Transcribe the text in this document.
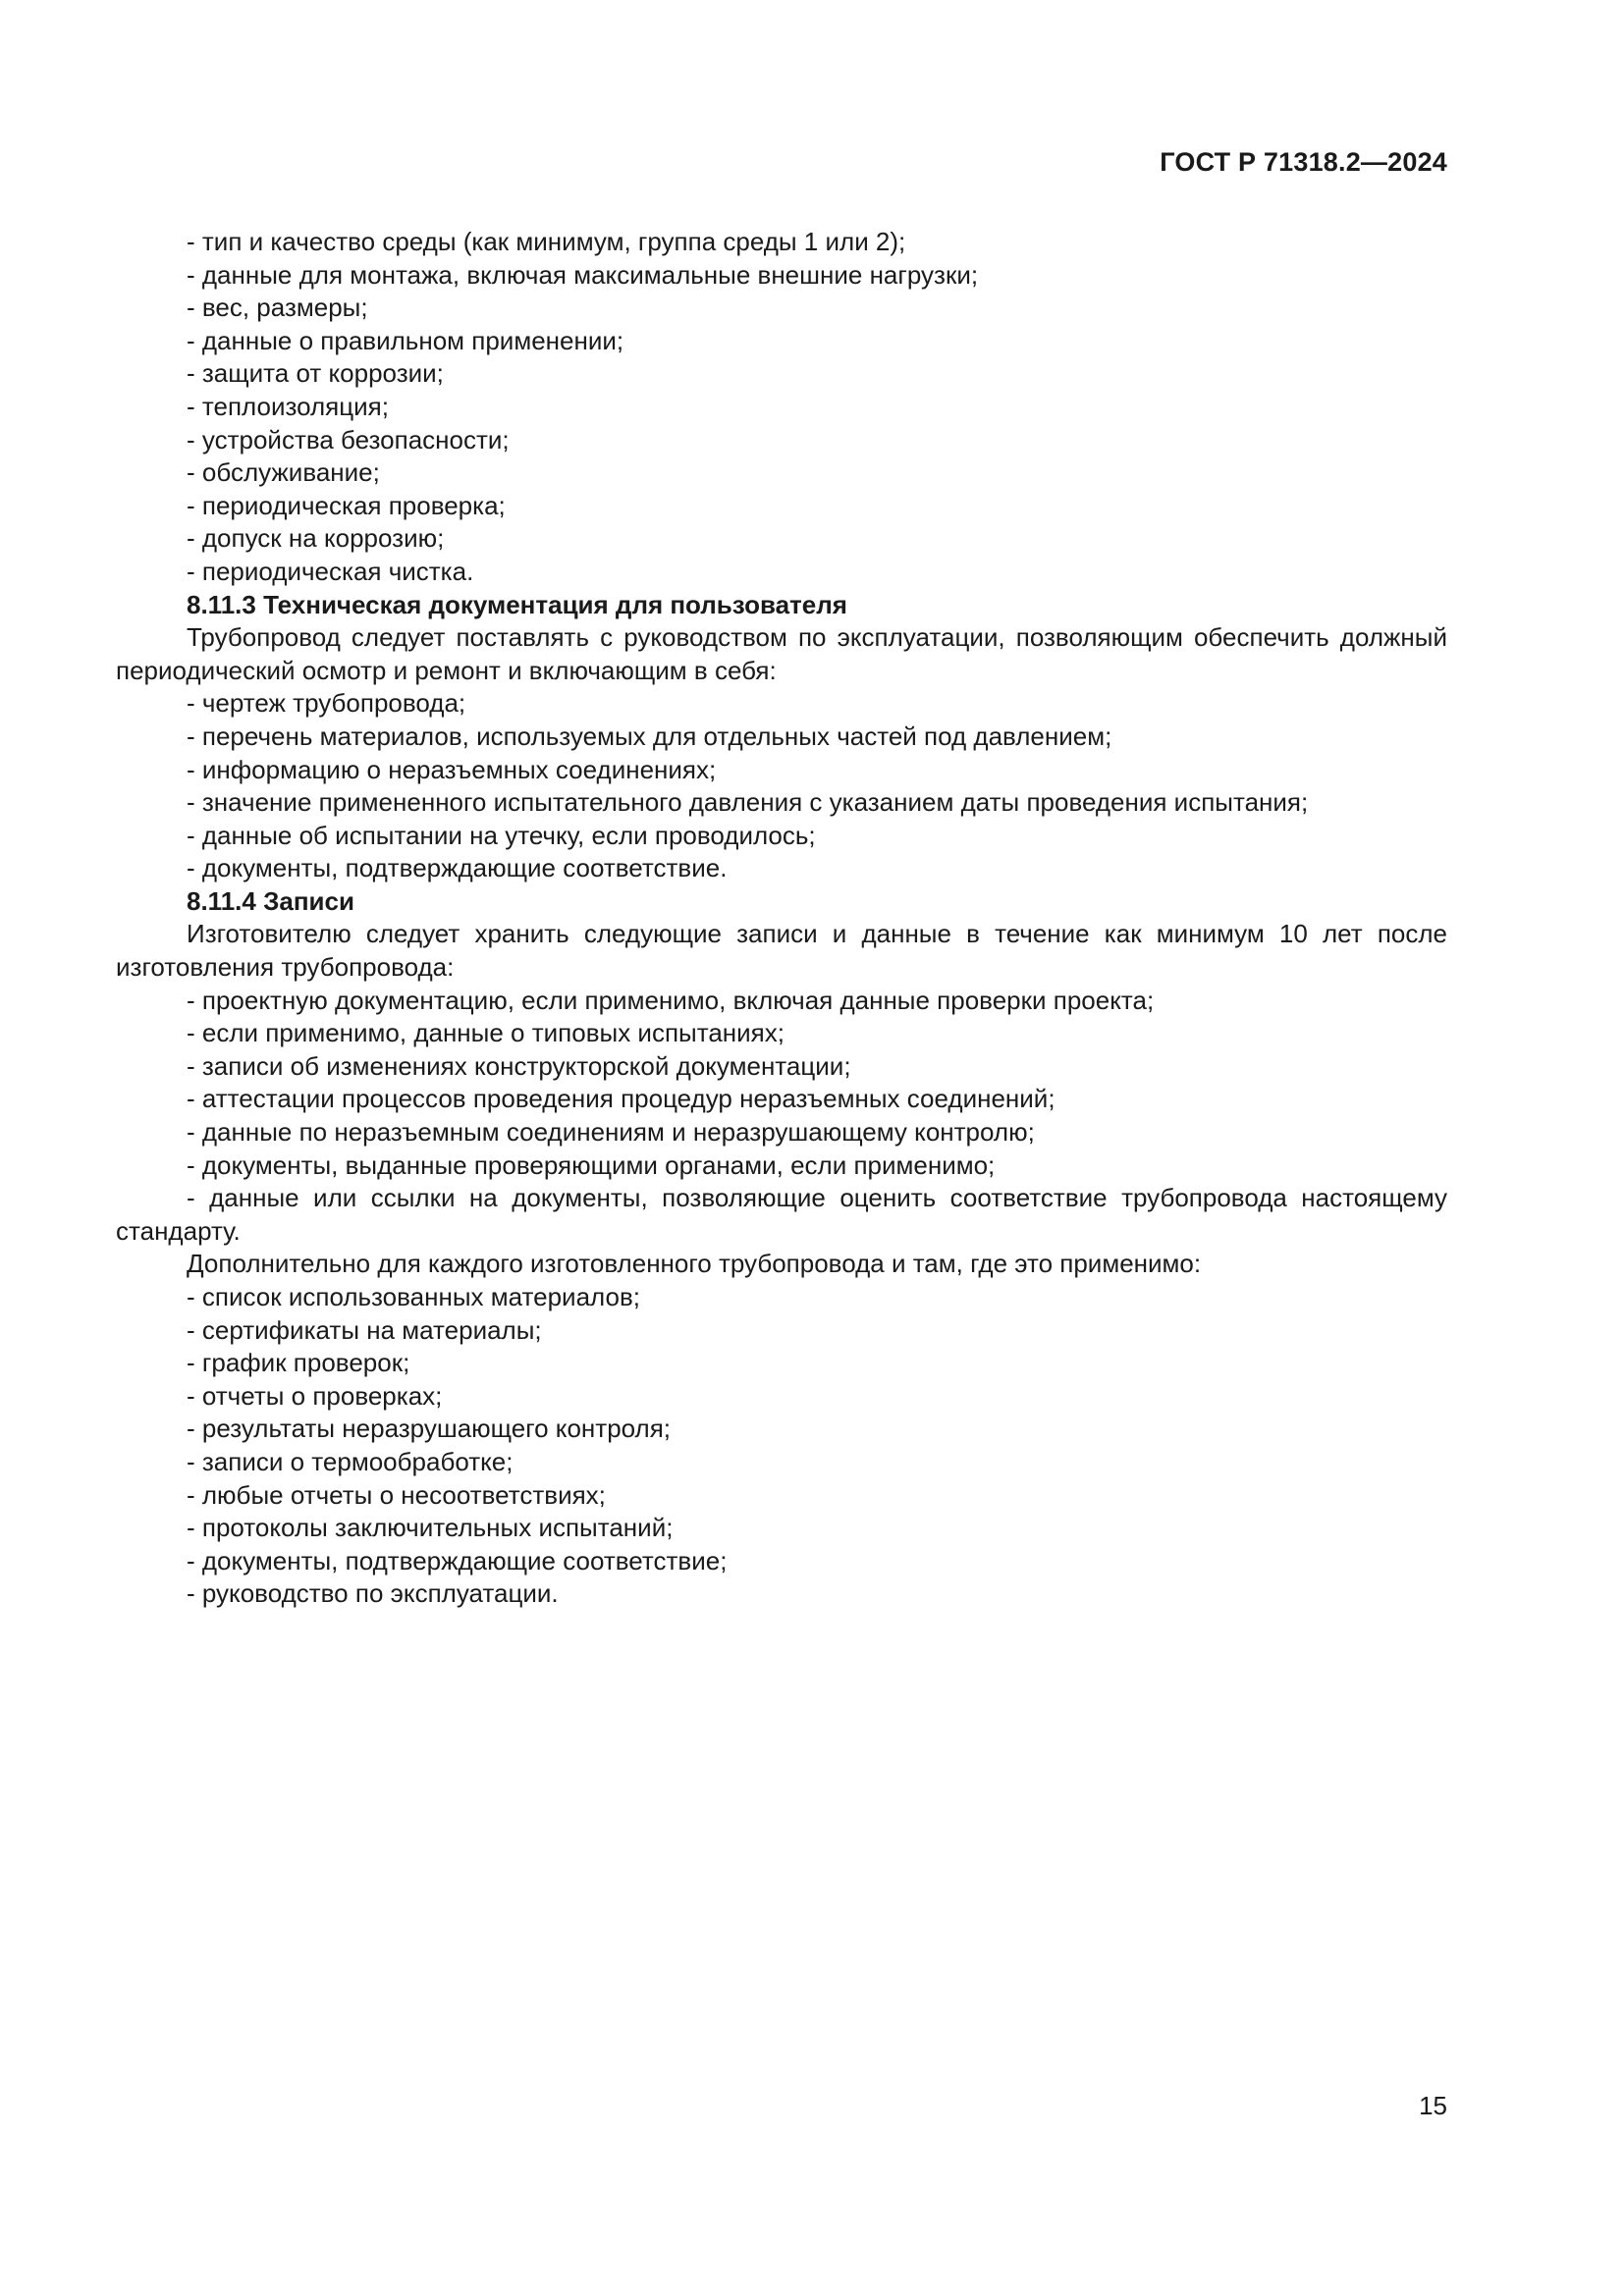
ГОСТ Р 71318.2—2024

- тип и качество среды (как минимум, группа среды 1 или 2);

- данные для монтажа, включая максимальные внешние нагрузки;

- вес, размеры;

- данные о правильном применении;

- защита от коррозии;

- теплоизоляция;

- устройства безопасности;

- обслуживание;

- периодическая проверка;

- допуск на коррозию;

- периодическая чистка.

8.11.3 Техническая документация для пользователя

Трубопровод следует поставлять с руководством по эксплуатации, позволяющим обеспечить должный периодический осмотр и ремонт и включающим в себя:

- чертеж трубопровода;

- перечень материалов, используемых для отдельных частей под давлением;

- информацию о неразъемных соединениях;

- значение примененного испытательного давления с указанием даты проведения испытания;

- данные об испытании на утечку, если проводилось;

- документы, подтверждающие соответствие.

8.11.4 Записи

Изготовителю следует хранить следующие записи и данные в течение как минимум 10 лет после изготовления трубопровода:

- проектную документацию, если применимо, включая данные проверки проекта;

- если применимо, данные о типовых испытаниях;

- записи об изменениях конструкторской документации;

- аттестации процессов проведения процедур неразъемных соединений;

- данные по неразъемным соединениям и неразрушающему контролю;

- документы, выданные проверяющими органами, если применимо;

- данные или ссылки на документы, позволяющие оценить соответствие трубопровода настоящему стандарту.

Дополнительно для каждого изготовленного трубопровода и там, где это применимо:

- список использованных материалов;

- сертификаты на материалы;

- график проверок;

- отчеты о проверках;

- результаты неразрушающего контроля;

- записи о термообработке;

- любые отчеты о несоответствиях;

- протоколы заключительных испытаний;

- документы, подтверждающие соответствие;

- руководство по эксплуатации.

15
